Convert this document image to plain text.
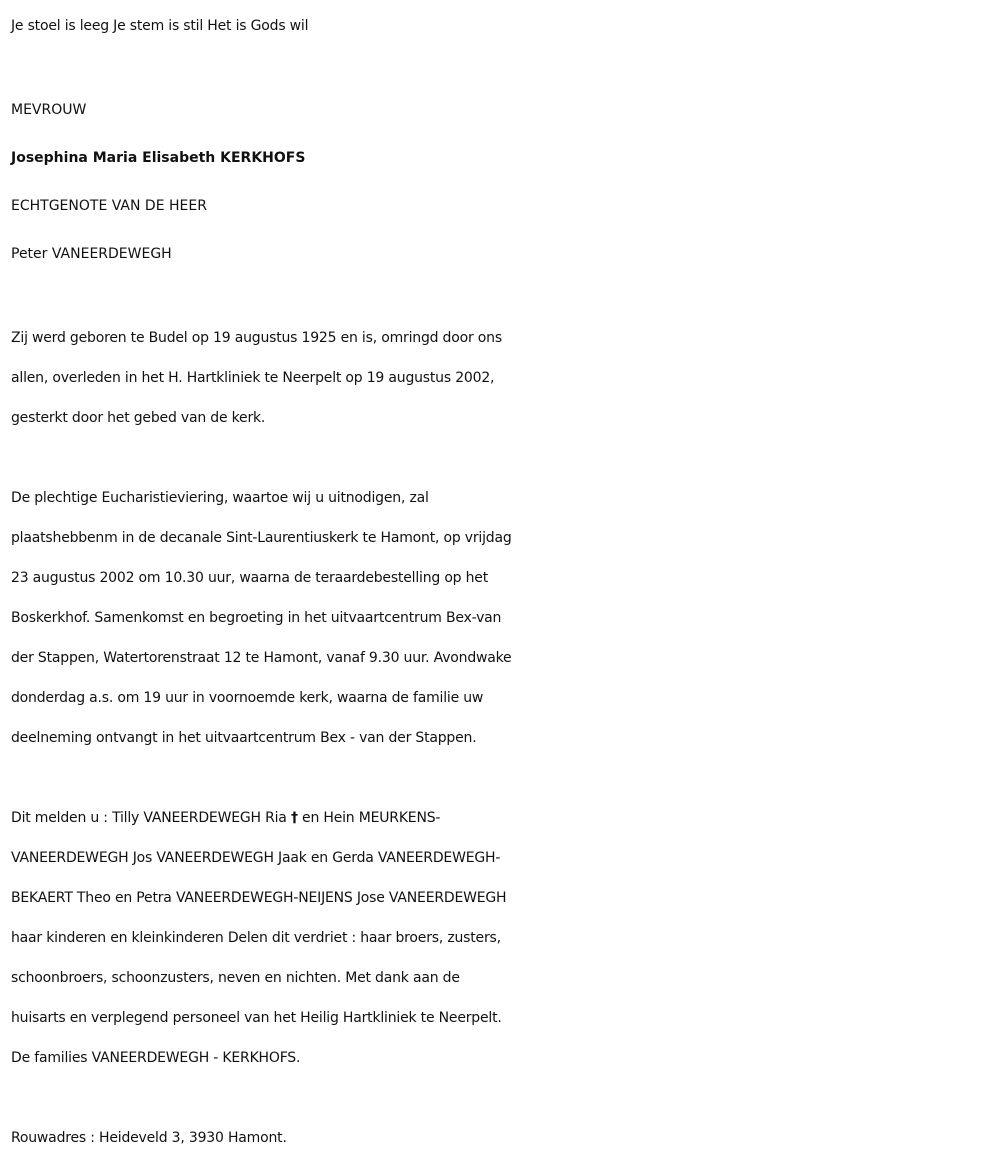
Je stoel is leeg Je stem is stil Het is Gods wil
MEVROUW
Josephina Maria Elisabeth KERKHOFS
ECHTGENOTE VAN DE HEER
Peter VANEERDEWEGH
Zij werd geboren te Budel op 19 augustus 1925 en is, omringd door ons
allen, overleden in het H. Hartkliniek te Neerpelt op 19 augustus 2002,
gesterkt door het gebed van de kerk.
De plechtige Eucharistieviering, waartoe wij u uitnodigen, zal
plaatshebbenm in de decanale Sint-Laurentiuskerk te Hamont, op vrijdag
23 augustus 2002 om 10.30 uur, waarna de teraardebestelling op het
Boskerkhof. Samenkomst en begroeting in het uitvaartcentrum Bex-van
der Stappen, Watertorenstraat 12 te Hamont, vanaf 9.30 uur. Avondwake
donderdag a.s. om 19 uur in voornoemde kerk, waarna de familie uw
deelneming ontvangt in het uitvaartcentrum Bex - van der Stappen.
Dit melden u : Tilly VANEERDEWEGH Ria † en Hein MEURKENS-
VANEERDEWEGH Jos VANEERDEWEGH Jaak en Gerda VANEERDEWEGH-
BEKAERT Theo en Petra VANEERDEWEGH-NEIJENS Jose VANEERDEWEGH
haar kinderen en kleinkinderen Delen dit verdriet : haar broers, zusters,
schoonbroers, schoonzusters, neven en nichten. Met dank aan de
huisarts en verplegend personeel van het Heilig Hartkliniek te Neerpelt.
De families VANEERDEWEGH - KERKHOFS.
Rouwadres : Heideveld 3, 3930 Hamont.
